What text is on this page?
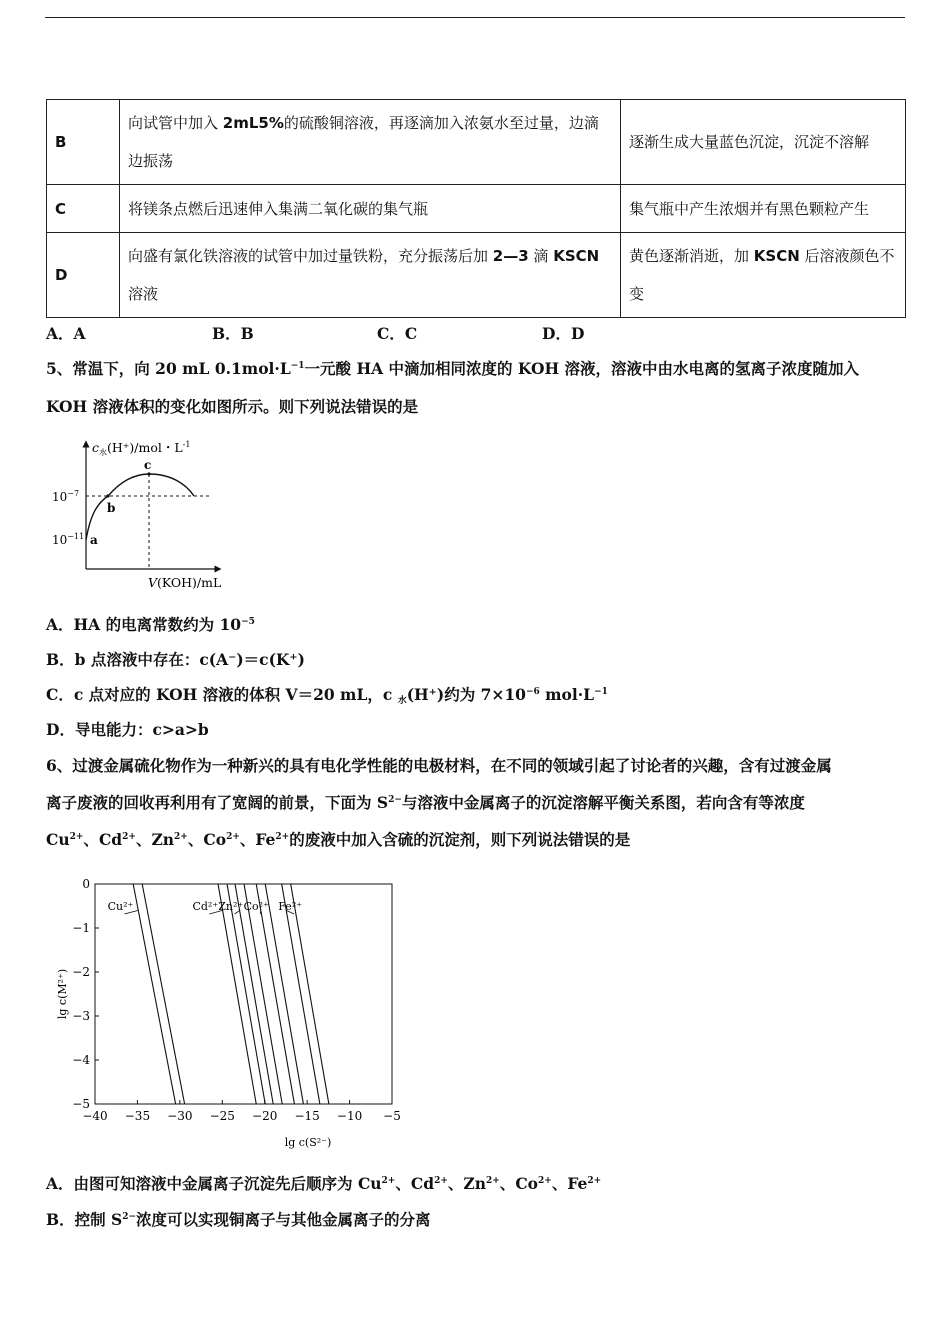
B	向试管中加入 2mL5%的硫酸铜溶液，再逐滴加入浓氨水至过量，边滴边振荡	逐渐生成大量蓝色沉淀，沉淀不溶解
C	将镁条点燃后迅速伸入集满二氧化碳的集气瓶	集气瓶中产生浓烟并有黑色颗粒产生
D	向盛有氯化铁溶液的试管中加过量铁粉，充分振荡后加 2—3 滴 KSCN 溶液	黄色逐渐消逝，加 KSCN 后溶液颜色不变
A．A	B．B	C．C	D．D
5、常温下，向 20 mL $0.1mol\cdot L^{-1}$一元酸 HA 中滴加相同浓度的 KOH 溶液，溶液中由水电离的氢离子浓度随加入
KOH 溶液体积的变化如图所示。则下列说法错误的是
$c_水(H^+)$/mol・$L^{-1}$
$10^{-7}$
$10^{-11}$ a
b
c
V(KOH)/mL
A．HA 的电离常数约为 $10^{-5}$
B．b 点溶液中存在：c(A⁻)＝c(K⁺)
C．c 点对应的 KOH 溶液的体积 V＝20 mL，c $_水$(H⁺)约为 $7\times 10^{-6}$ $mol\cdot L^{-1}$
D．导电能力：c>a>b
6、过渡金属硫化物作为一种新兴的具有电化学性能的电极材料，在不同的领域引起了讨论者的兴趣，含有过渡金属
离子废液的回收再利用有了宽阔的前景，下面为 $S^{2-}$与溶液中金属离子的沉淀溶解平衡关系图，若向含有等浓度
$Cu^{2+}$、$Cd^{2+}$、$Zn^{2+}$、$Co^{2+}$、$Fe^{2+}$的废液中加入含硫的沉淀剂，则下列说法错误的是
−40 −35 −30 −25 −20 −15 −10 −5
0
−1
−2
−3
−4
−5
Cu²⁺	Cd²⁺ Zn²⁺ Co²⁺ Fe²⁺
lg c(M²⁺)
lg c(S²⁻)
A．由图可知溶液中金属离子沉淀先后顺序为 $Cu^{2+}$、$Cd^{2+}$、$Zn^{2+}$、$Co^{2+}$、$Fe^{2+}$
B．控制 $S^{2-}$浓度可以实现铜离子与其他金属离子的分离
